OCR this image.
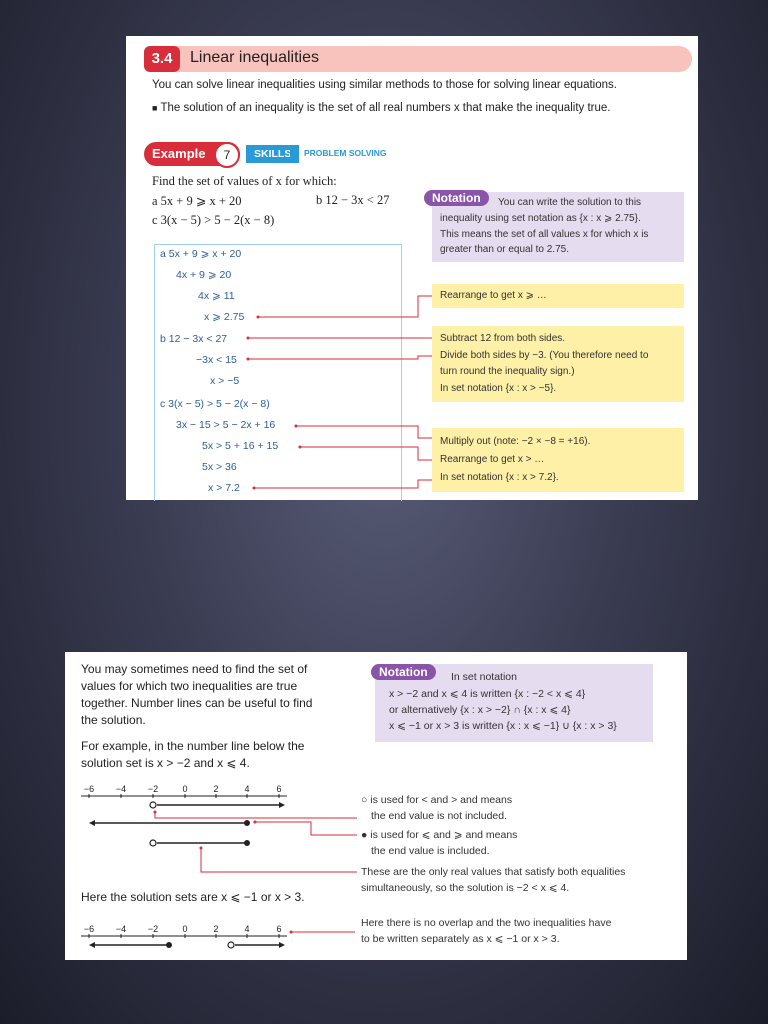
3.4	Linear inequalities
You can solve linear inequalities using similar methods to those for solving linear equations.
■ The solution of an inequality is the set of all real numbers x that make the inequality true.
Example	7	SKILLS	PROBLEM SOLVING
Find the set of values of x for which:
a 5x + 9 ⩾ x + 20	b 12 − 3x < 27
c 3(x − 5) > 5 − 2(x − 8)
Notation	You can write the solution to this
inequality using set notation as {x : x ⩾ 2.75}.
This means the set of all values x for which x is
greater than or equal to 2.75.
a 5x + 9 ⩾ x + 20
4x + 9 ⩾ 20
4x ⩾ 11
x ⩾ 2.75
b 12 − 3x < 27
−3x < 15
x > −5
c 3(x − 5) > 5 − 2(x − 8)
3x − 15 > 5 − 2x + 16
5x > 5 + 16 + 15
5x > 36
x > 7.2
Rearrange to get x ⩾ …
Subtract 12 from both sides.
Divide both sides by −3. (You therefore need to
turn round the inequality sign.)
In set notation {x : x > −5}.
Multiply out (note: −2 × −8 = +16).
Rearrange to get x > …
In set notation {x : x > 7.2}.
You may sometimes need to find the set of
values for which two inequalities are true
together. Number lines can be useful to find
the solution.
For example, in the number line below the
solution set is x > −2 and x ⩽ 4.
Notation	In set notation
x > −2 and x ⩽ 4 is written {x : −2 < x ⩽ 4}
or alternatively {x : x > −2} ∩ {x : x ⩽ 4}
x ⩽ −1 or x > 3 is written {x : x ⩽ −1} ∪ {x : x > 3}
−6 −4 −2	0	2	4	6
−6 −4 −2	0	2	4	6
Here the solution sets are x ⩽ −1 or x > 3.
○ is used for < and > and means
the end value is not included.
● is used for ⩽ and ⩾ and means
the end value is included.
These are the only real values that satisfy both equalities
simultaneously, so the solution is −2 < x ⩽ 4.
Here there is no overlap and the two inequalities have
to be written separately as x ⩽ −1 or x > 3.
